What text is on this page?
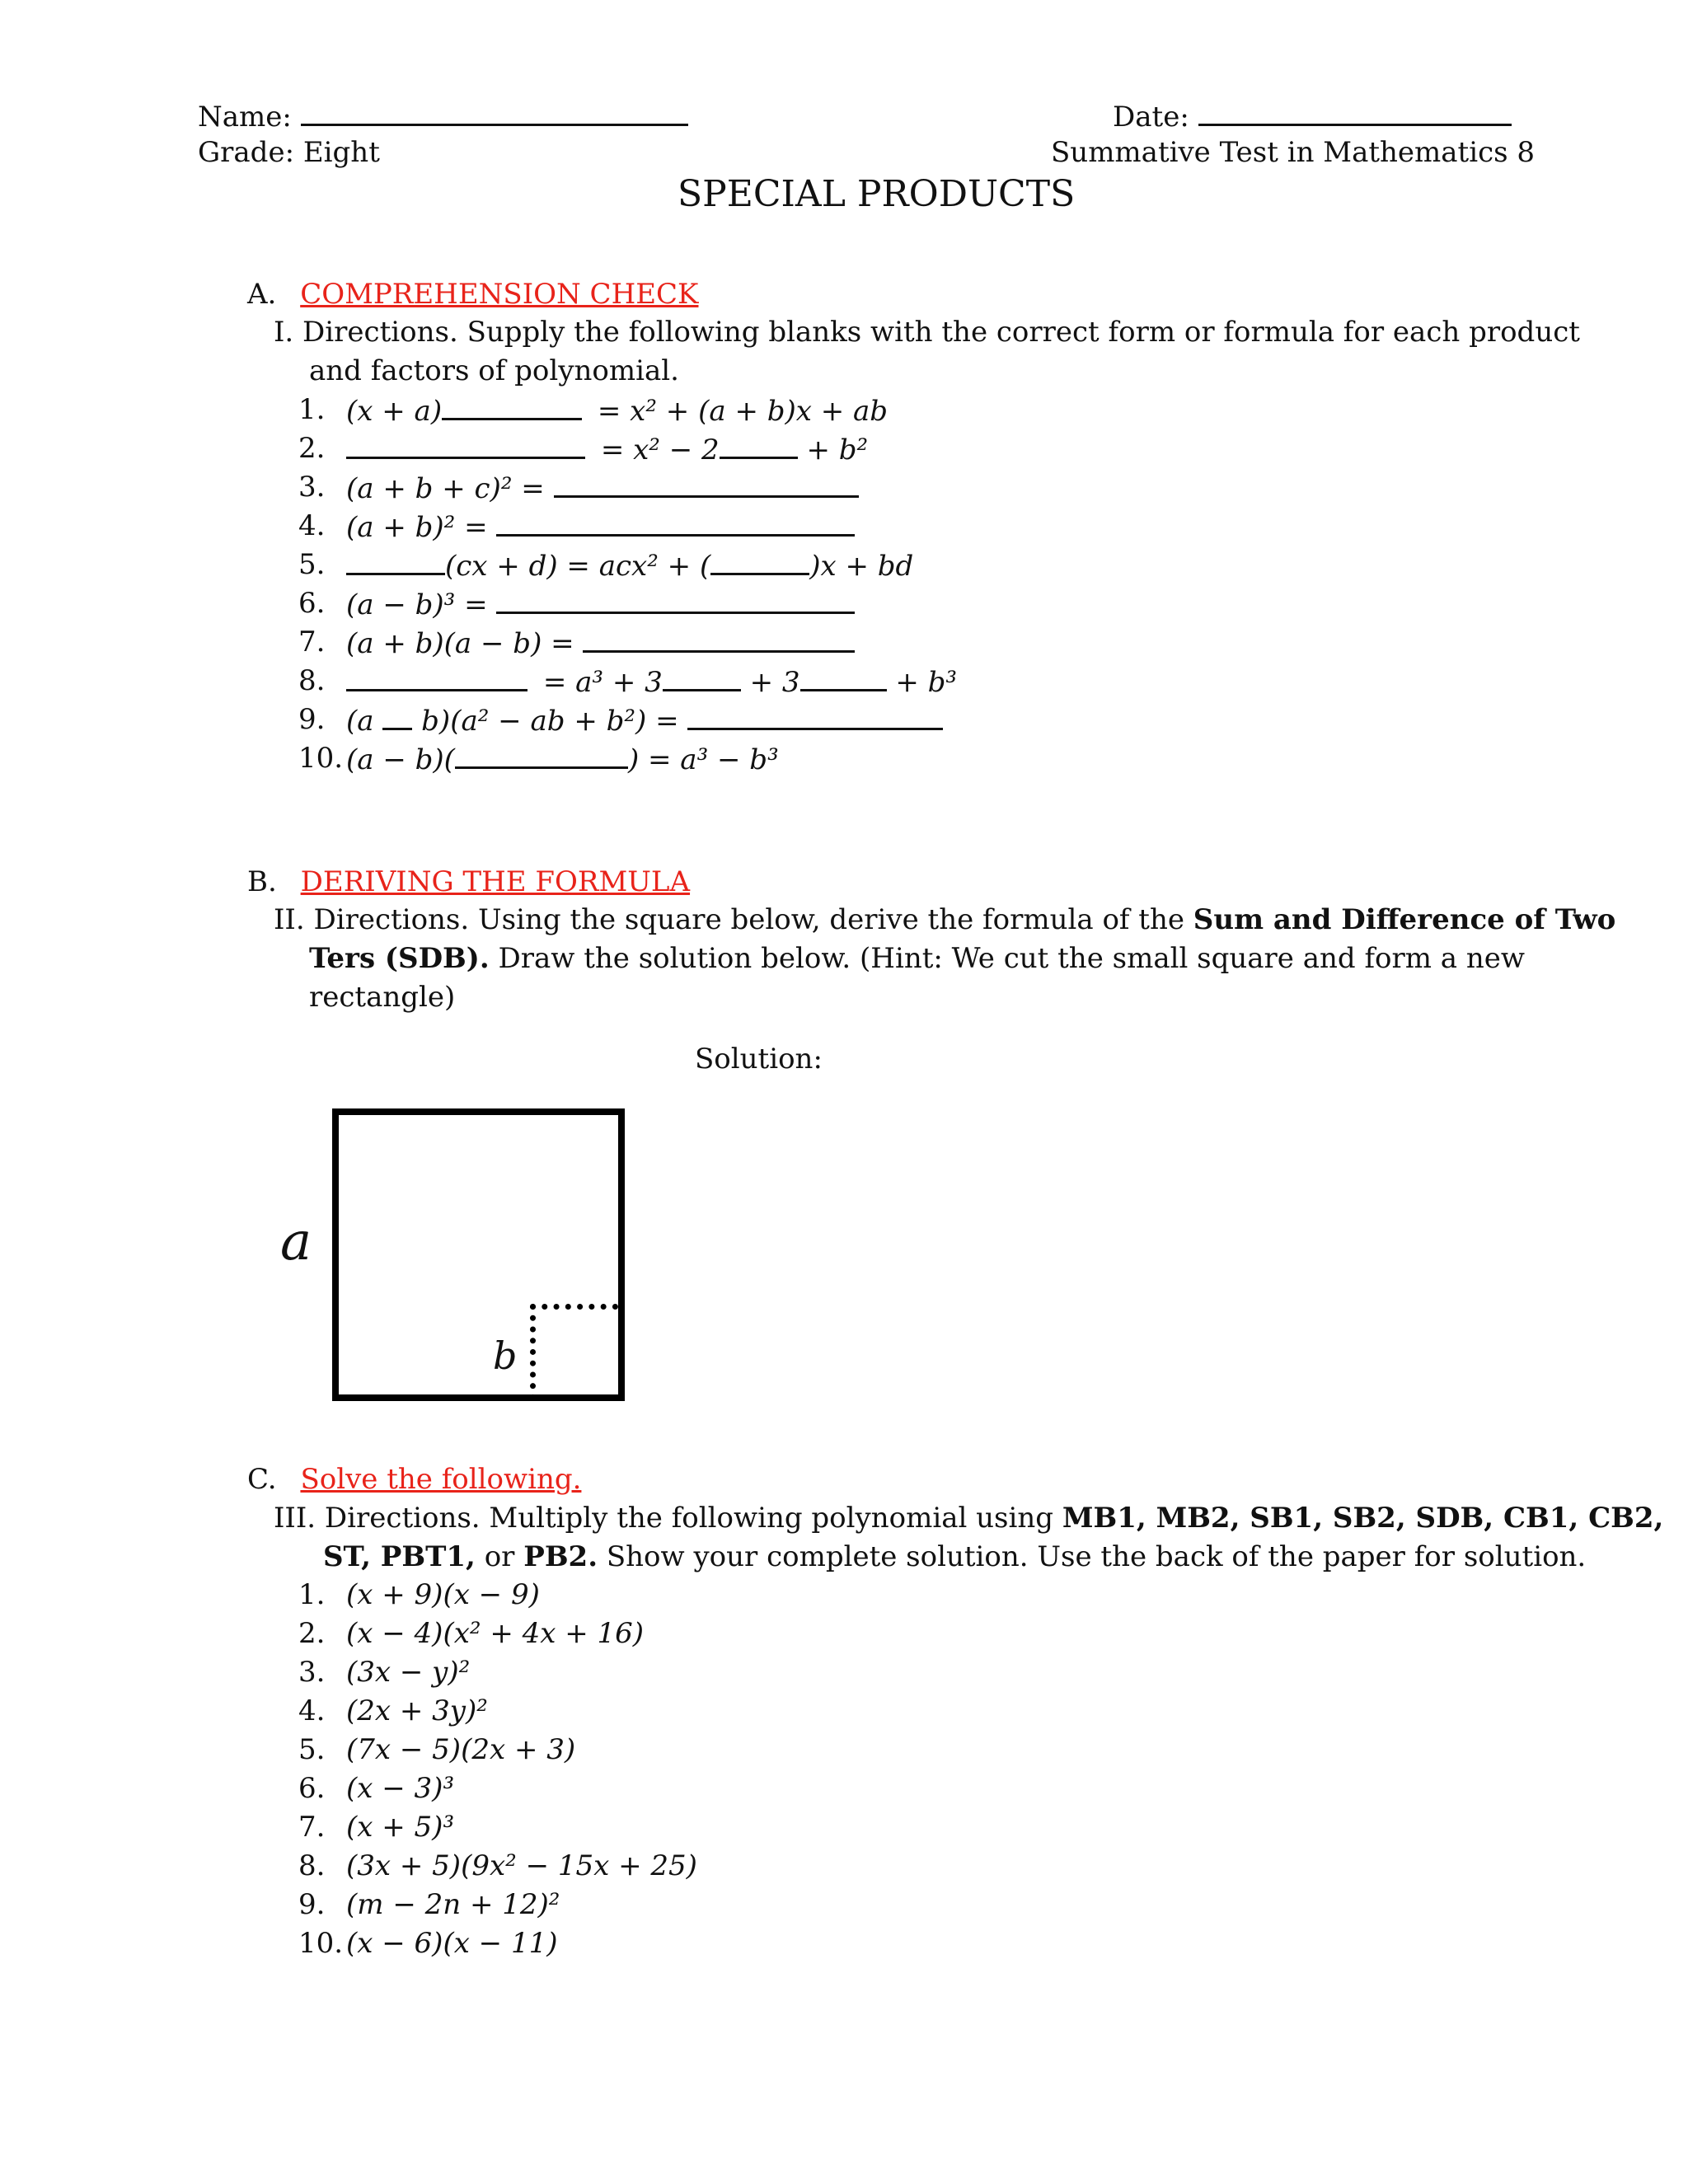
Name:	Date:
Grade: Eight	Summative Test in Mathematics 8
SPECIAL PRODUCTS
A. COMPREHENSION CHECK
I. Directions. Supply the following blanks with the correct form or formula for each product
and factors of polynomial.
1. (x + a)	= x² + (a + b)x + ab
2.	= x² − 2	+ b²
3. (a + b + c)² =
4. (a + b)² =
5.	(cx + d) = acx² + (	)x + bd
6. (a − b)³ =
7. (a + b)(a − b) =
8.	= a³ + 3	+ 3	+ b³
9. (a b)(a² − ab + b²) =
10. (a − b)(	) = a³ − b³
B. DERIVING THE FORMULA
II. Directions. Using the square below, derive the formula of the Sum and Difference of Two
Ters (SDB). Draw the solution below. (Hint: We cut the small square and form a new
rectangle)
Solution:
a
b
C. Solve the following.
III. Directions. Multiply the following polynomial using MB1, MB2, SB1, SB2, SDB, CB1, CB2,
ST, PBT1, or PB2. Show your complete solution. Use the back of the paper for solution.
1. (x + 9)(x − 9)
2. (x − 4)(x² + 4x + 16)
3. (3x − y)²
4. (2x + 3y)²
5. (7x − 5)(2x + 3)
6. (x − 3)³
7. (x + 5)³
8. (3x + 5)(9x² − 15x + 25)
9. (m − 2n + 12)²
10. (x − 6)(x − 11)
